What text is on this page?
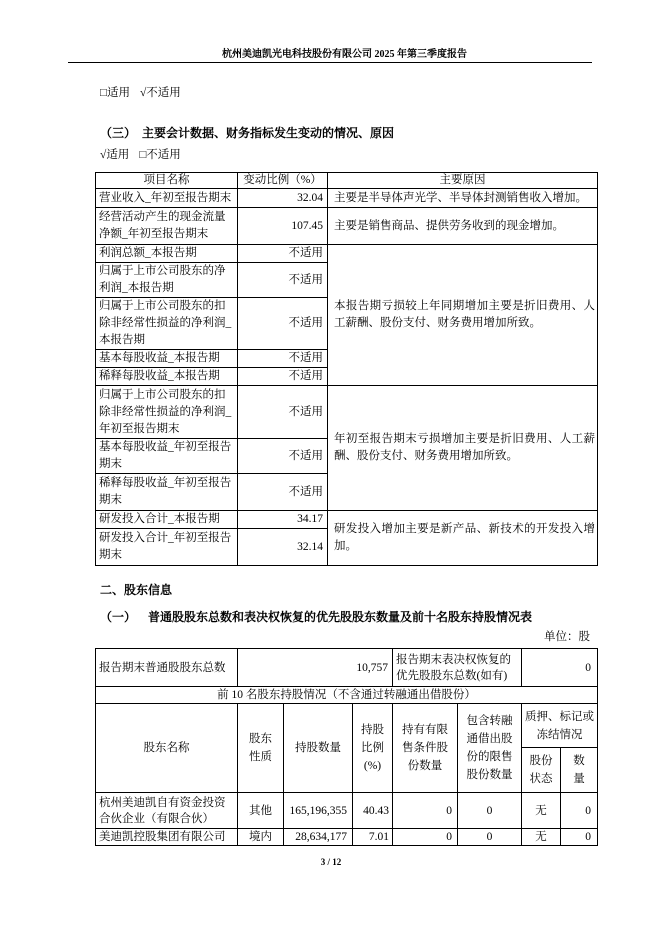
杭州美迪凯光电科技股份有限公司 2025 年第三季度报告
□适用 √不适用
（三） 主要会计数据、财务指标发生变动的情况、原因
√适用 □不适用
项目名称	变动比例（%）	主要原因
营业收入_年初至报告期末	32.04	主要是半导体声光学、半导体封测销售收入增加。
经营活动产生的现金流量净额_年初至报告期末	107.45	主要是销售商品、提供劳务收到的现金增加。
利润总额_本报告期	不适用	本报告期亏损较上年同期增加主要是折旧费用、人工薪酬、股份支付、财务费用增加所致。
归属于上市公司股东的净利润_本报告期	不适用	
归属于上市公司股东的扣除非经常性损益的净利润_本报告期	不适用	
基本每股收益_本报告期	不适用	
稀释每股收益_本报告期	不适用	
归属于上市公司股东的扣除非经常性损益的净利润_年初至报告期末	不适用	年初至报告期末亏损增加主要是折旧费用、人工薪酬、股份支付、财务费用增加所致。
基本每股收益_年初至报告期末	不适用	
稀释每股收益_年初至报告期末	不适用	
研发投入合计_本报告期	34.17	研发投入增加主要是新产品、新技术的开发投入增加。
研发投入合计_年初至报告期末	32.14	
二、股东信息
（一） 普通股股东总数和表决权恢复的优先股股东数量及前十名股东持股情况表
单位：股
报告期末普通股股东总数	10,757			报告期末表决权恢复的优先股股东总数(如有)		0	
前 10 名股东持股情况（不含通过转融通出借股份）							
股东名称	股东性质	持股数量	持股比例(%)	持有有限售条件股份数量	包含转融通借出股份的限售股份数量	质押、标记或冻结情况	
						股份状态	数量
杭州美迪凯自有资金投资合伙企业（有限合伙）	其他	165,196,355	40.43	0	0	无	0
美迪凯控股集团有限公司	境内	28,634,177	7.01	0	0	无	0
3 / 12
